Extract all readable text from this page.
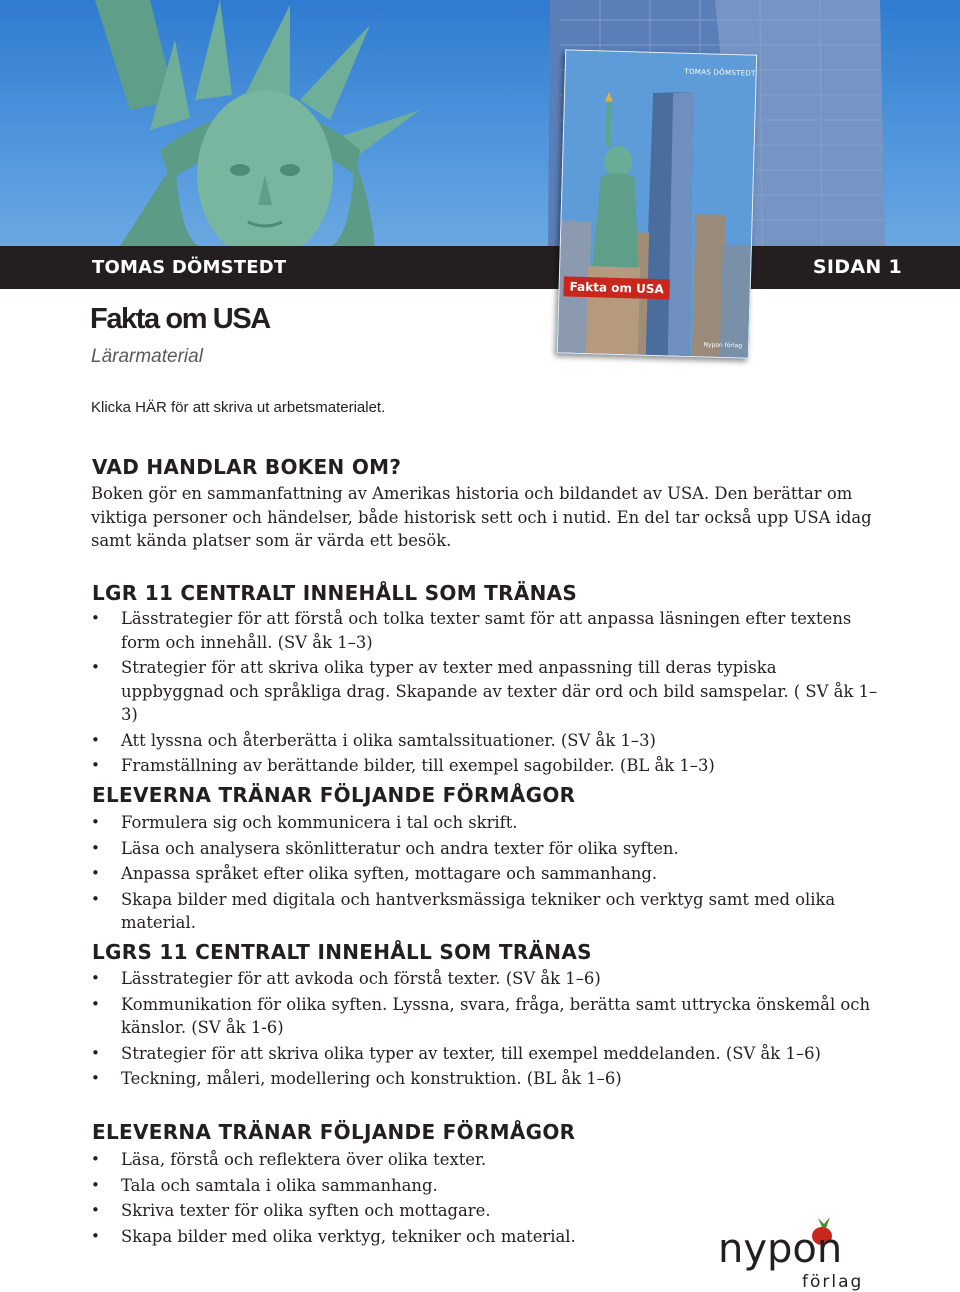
TOMAS DÖMSTEDT	SIDAN 1
TOMAS DÖMSTEDT
Fakta om USA
Nypon förlag
Fakta om USA
Lärarmaterial
Klicka HÄR för att skriva ut arbetsmaterialet.
VAD HANDLAR BOKEN OM?

Boken gör en sammanfattning av Amerikas historia och bildandet av USA. Den berättar om viktiga personer och händelser, både historisk sett och i nutid. En del tar också upp USA idag samt kända platser som är värda ett besök.

LGR 11 CENTRALT INNEHÅLL SOM TRÄNAS
• Lässtrategier för att förstå och tolka texter samt för att anpassa läsningen efter textens form och innehåll. (SV åk 1–3)
• Strategier för att skriva olika typer av texter med anpassning till deras typiska uppbyggnad och språkliga drag. Skapande av texter där ord och bild samspelar. ( SV åk 1–3)
• Att lyssna och återberätta i olika samtalssituationer. (SV åk 1–3)
• Framställning av berättande bilder, till exempel sagobilder. (BL åk 1–3)
ELEVERNA TRÄNAR FÖLJANDE FÖRMÅGOR
• Formulera sig och kommunicera i tal och skrift.
• Läsa och analysera skönlitteratur och andra texter för olika syften.
• Anpassa språket efter olika syften, mottagare och sammanhang.
• Skapa bilder med digitala och hantverksmässiga tekniker och verktyg samt med olika material.
LGRS 11 CENTRALT INNEHÅLL SOM TRÄNAS
• Lässtrategier för att avkoda och förstå texter. (SV åk 1–6)
• Kommunikation för olika syften. Lyssna, svara, fråga, berätta samt uttrycka önskemål och känslor. (SV åk 1-6)
• Strategier för att skriva olika typer av texter, till exempel meddelanden. (SV åk 1–6)
• Teckning, måleri, modellering och konstruktion. (BL åk 1–6)
ELEVERNA TRÄNAR FÖLJANDE FÖRMÅGOR
• Läsa, förstå och reflektera över olika texter.
• Tala och samtala i olika sammanhang.
• Skriva texter för olika syften och mottagare.
• Skapa bilder med olika verktyg, tekniker och material.	nypon
förlag
